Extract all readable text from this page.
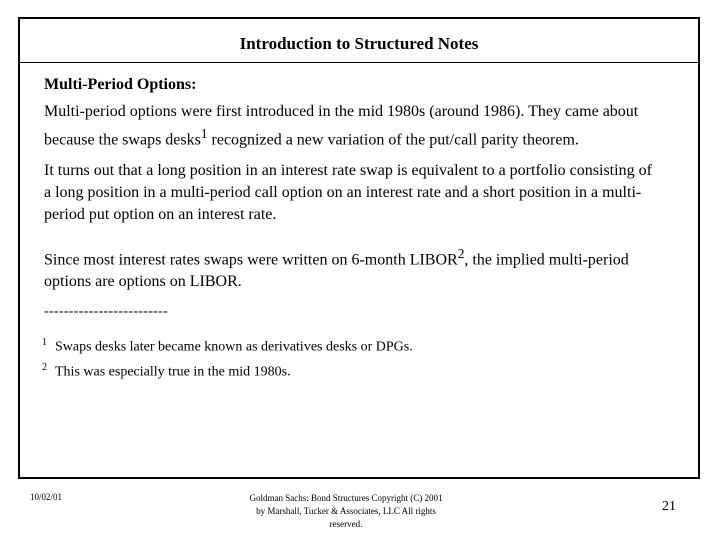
Introduction to Structured Notes
Multi-Period Options:
Multi-period options were first introduced in the mid 1980s (around 1986). They came about because the swaps desks$^1$ recognized a new variation of the put/call parity theorem.
It turns out that a long position in an interest rate swap is equivalent to a portfolio consisting of a long position in a multi-period call option on an interest rate and a short position in a multi-period put option on an interest rate.
Since most interest rates swaps were written on 6-month LIBOR$^2$, the implied multi-period options are options on LIBOR.
-------------------------
$^1$ Swaps desks later became known as derivatives desks or DPGs.
$^2$ This was especially true in the mid 1980s.
10/02/01	Goldman Sachs: Bond Structures Copyright (C) 2001 by Marshall, Tucker & Associates, LLC All rights reserved.
21
